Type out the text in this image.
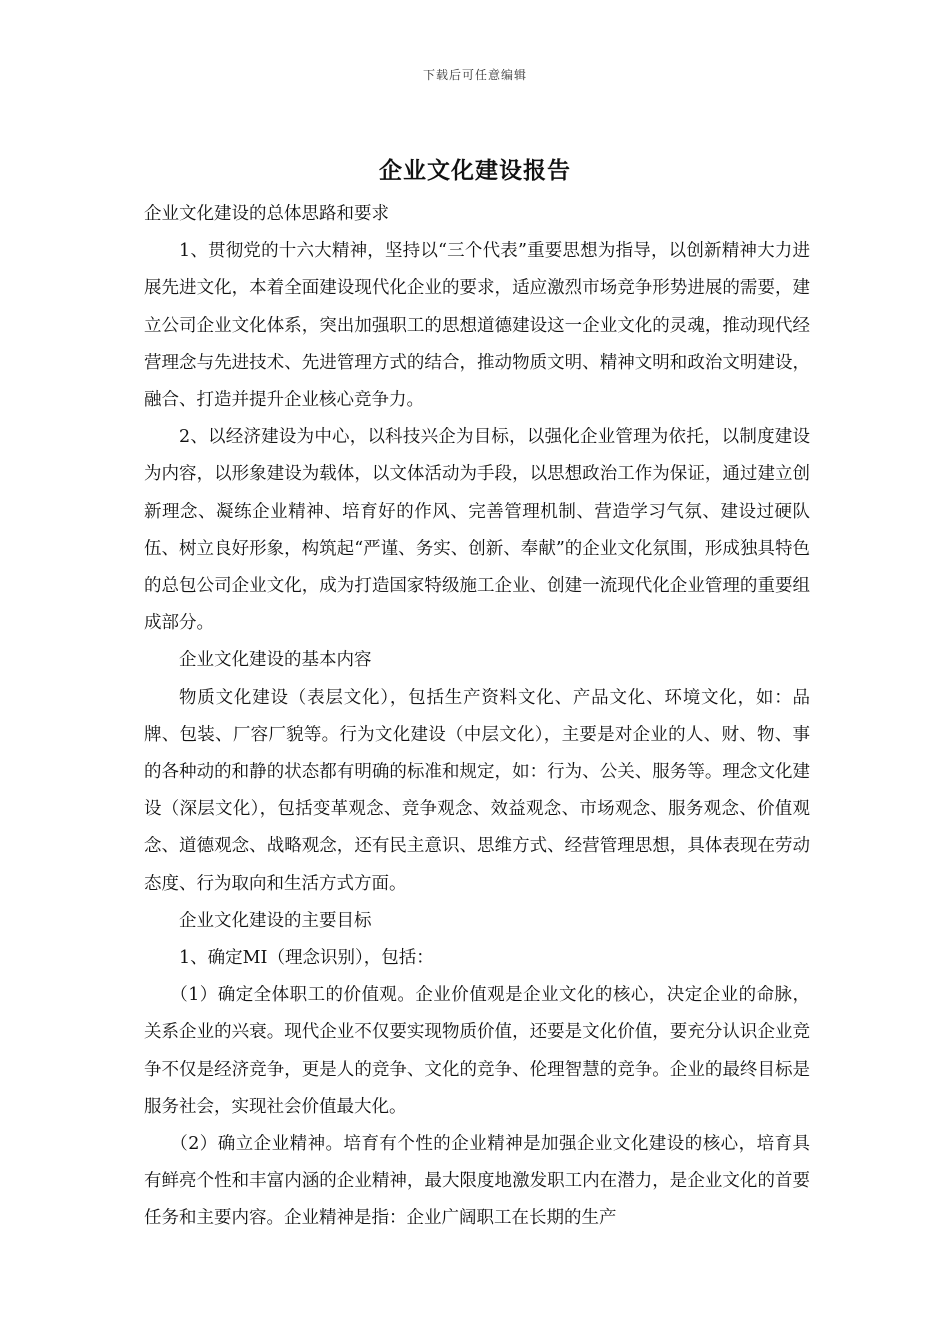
下载后可任意编辑
企业文化建设报告

企业文化建设的总体思路和要求

1、贯彻党的十六大精神，坚持以“三个代表”重要思想为指导，以创新精神大力进展先进文化，本着全面建设现代化企业的要求，适应激烈市场竞争形势进展的需要，建立公司企业文化体系，突出加强职工的思想道德建设这一企业文化的灵魂，推动现代经营理念与先进技术、先进管理方式的结合，推动物质文明、精神文明和政治文明建设，融合、打造并提升企业核心竞争力。

2、以经济建设为中心，以科技兴企为目标，以强化企业管理为依托，以制度建设为内容，以形象建设为载体，以文体活动为手段，以思想政治工作为保证，通过建立创新理念、凝练企业精神、培育好的作风、完善管理机制、营造学习气氛、建设过硬队伍、树立良好形象，构筑起“严谨、务实、创新、奉献”的企业文化氛围，形成独具特色的总包公司企业文化，成为打造国家特级施工企业、创建一流现代化企业管理的重要组成部分。

企业文化建设的基本内容

物质文化建设（表层文化），包括生产资料文化、产品文化、环境文化，如：品牌、包装、厂容厂貌等。行为文化建设（中层文化），主要是对企业的人、财、物、事的各种动的和静的状态都有明确的标准和规定，如：行为、公关、服务等。理念文化建设（深层文化），包括变革观念、竞争观念、效益观念、市场观念、服务观念、价值观念、道德观念、战略观念，还有民主意识、思维方式、经营管理思想，具体表现在劳动态度、行为取向和生活方式方面。

企业文化建设的主要目标

1、确定MI（理念识别），包括：

（1）确定全体职工的价值观。企业价值观是企业文化的核心，决定企业的命脉，关系企业的兴衰。现代企业不仅要实现物质价值，还要是文化价值，要充分认识企业竞争不仅是经济竞争，更是人的竞争、文化的竞争、伦理智慧的竞争。企业的最终目标是服务社会，实现社会价值最大化。

（2）确立企业精神。培育有个性的企业精神是加强企业文化建设的核心，培育具有鲜亮个性和丰富内涵的企业精神，最大限度地激发职工内在潜力，是企业文化的首要任务和主要内容。企业精神是指：企业广阔职工在长期的生产
